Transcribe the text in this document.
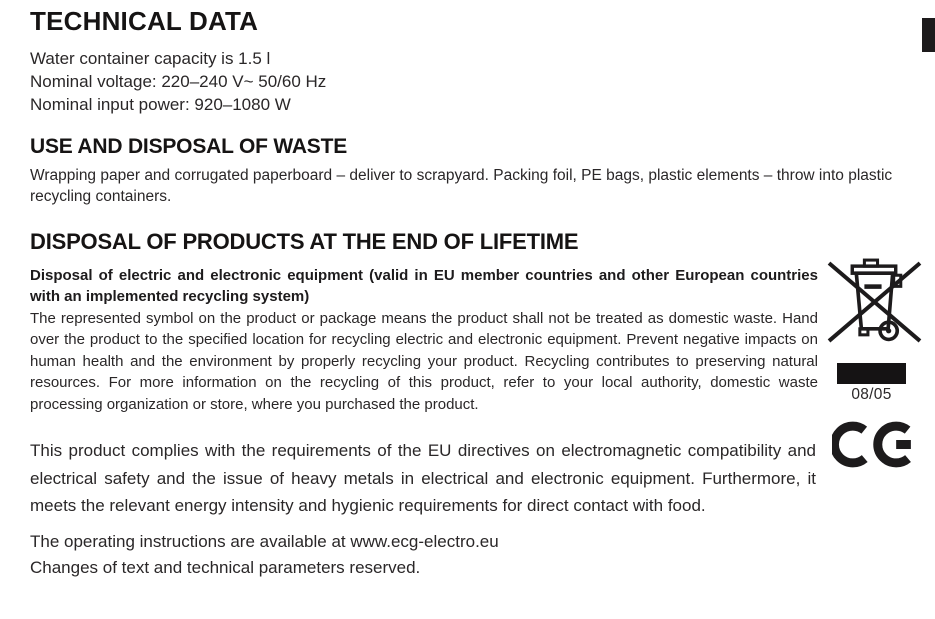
TECHNICAL DATA
Water container capacity is 1.5 l
Nominal voltage: 220–240 V~ 50/60 Hz
Nominal input power: 920–1080 W
USE AND DISPOSAL OF WASTE

Wrapping paper and corrugated paperboard – deliver to scrapyard. Packing foil, PE bags, plastic elements – throw into plastic recycling containers.

DISPOSAL OF PRODUCTS AT THE END OF LIFETIME

Disposal of electric and electronic equipment (valid in EU member countries and other European countries with an implemented recycling system)

The represented symbol on the product or package means the product shall not be treated as domestic waste. Hand over the product to the specified location for recycling electric and electronic equipment. Prevent negative impacts on human health and the environment by properly recycling your product. Recycling contributes to preserving natural resources. For more information on the recycling of this product, refer to your local authority, domestic waste processing organization or store, where you purchased the product.

This product complies with the requirements of the EU directives on electromagnetic compatibility and electrical safety and the issue of heavy metals in electrical and electronic equipment. Furthermore, it meets the relevant energy intensity and hygienic requirements for direct contact with food.

The operating instructions are available at www.ecg-electro.eu
Changes of text and technical parameters reserved.
08/05
